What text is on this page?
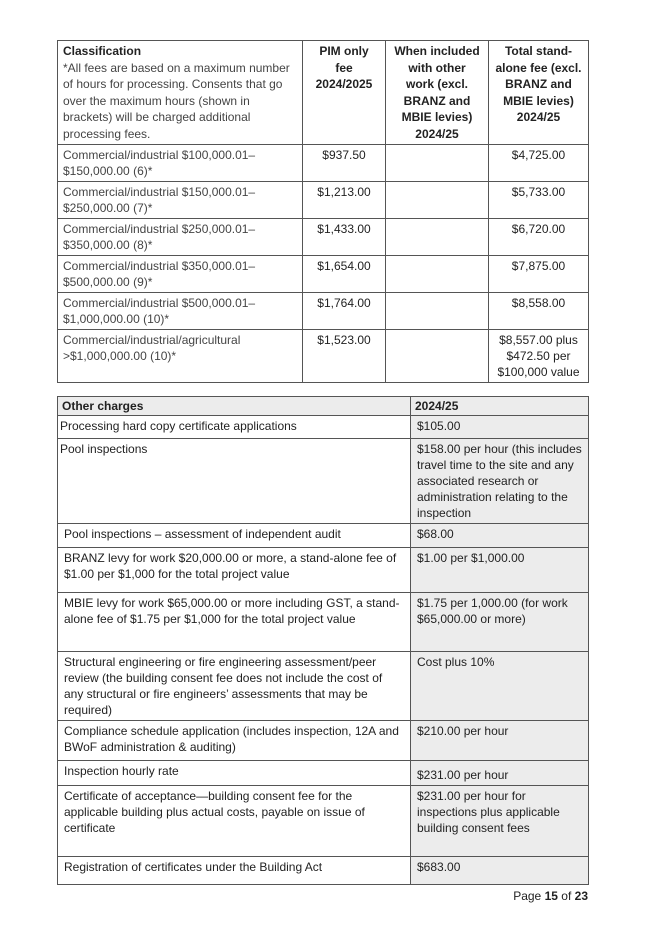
Classification
*All fees are based on a maximum number of hours for processing. Consents that go over the maximum hours (shown in brackets) will be charged additional processing fees.	PIM only fee 2024/2025	When included with other work (excl. BRANZ and MBIE levies) 2024/25	Total stand- alone fee (excl. BRANZ and MBIE levies) 2024/25
Commercial/industrial $100,000.01–$150,000.00 (6)*	$937.50		$4,725.00
Commercial/industrial $150,000.01–$250,000.00 (7)*	$1,213.00		$5,733.00
Commercial/industrial $250,000.01–$350,000.00 (8)*	$1,433.00		$6,720.00
Commercial/industrial $350,000.01–$500,000.00 (9)*	$1,654.00		$7,875.00
Commercial/industrial $500,000.01–$1,000,000.00 (10)*	$1,764.00		$8,558.00
Commercial/industrial/agricultural >$1,000,000.00 (10)*	$1,523.00		$8,557.00 plus $472.50 per $100,000 value
Other charges	2024/25
Processing hard copy certificate applications	$105.00
Pool inspections	$158.00 per hour (this includes travel time to the site and any associated research or administration relating to the inspection
Pool inspections – assessment of independent audit	$68.00
BRANZ levy for work $20,000.00 or more, a stand-alone fee of $1.00 per $1,000 for the total project value	$1.00 per $1,000.00
MBIE levy for work $65,000.00 or more including GST, a stand-alone fee of $1.75 per $1,000 for the total project value	$1.75 per 1,000.00 (for work $65,000.00 or more)
Structural engineering or fire engineering assessment/peer review (the building consent fee does not include the cost of any structural or fire engineers’ assessments that may be required)	Cost plus 10%
Compliance schedule application (includes inspection, 12A and BWoF administration & auditing)	$210.00 per hour
Inspection hourly rate	$231.00 per hour
Certificate of acceptance—building consent fee for the applicable building plus actual costs, payable on issue of certificate	$231.00 per hour for inspections plus applicable building consent fees
Registration of certificates under the Building Act	$683.00
Page 15 of 23
